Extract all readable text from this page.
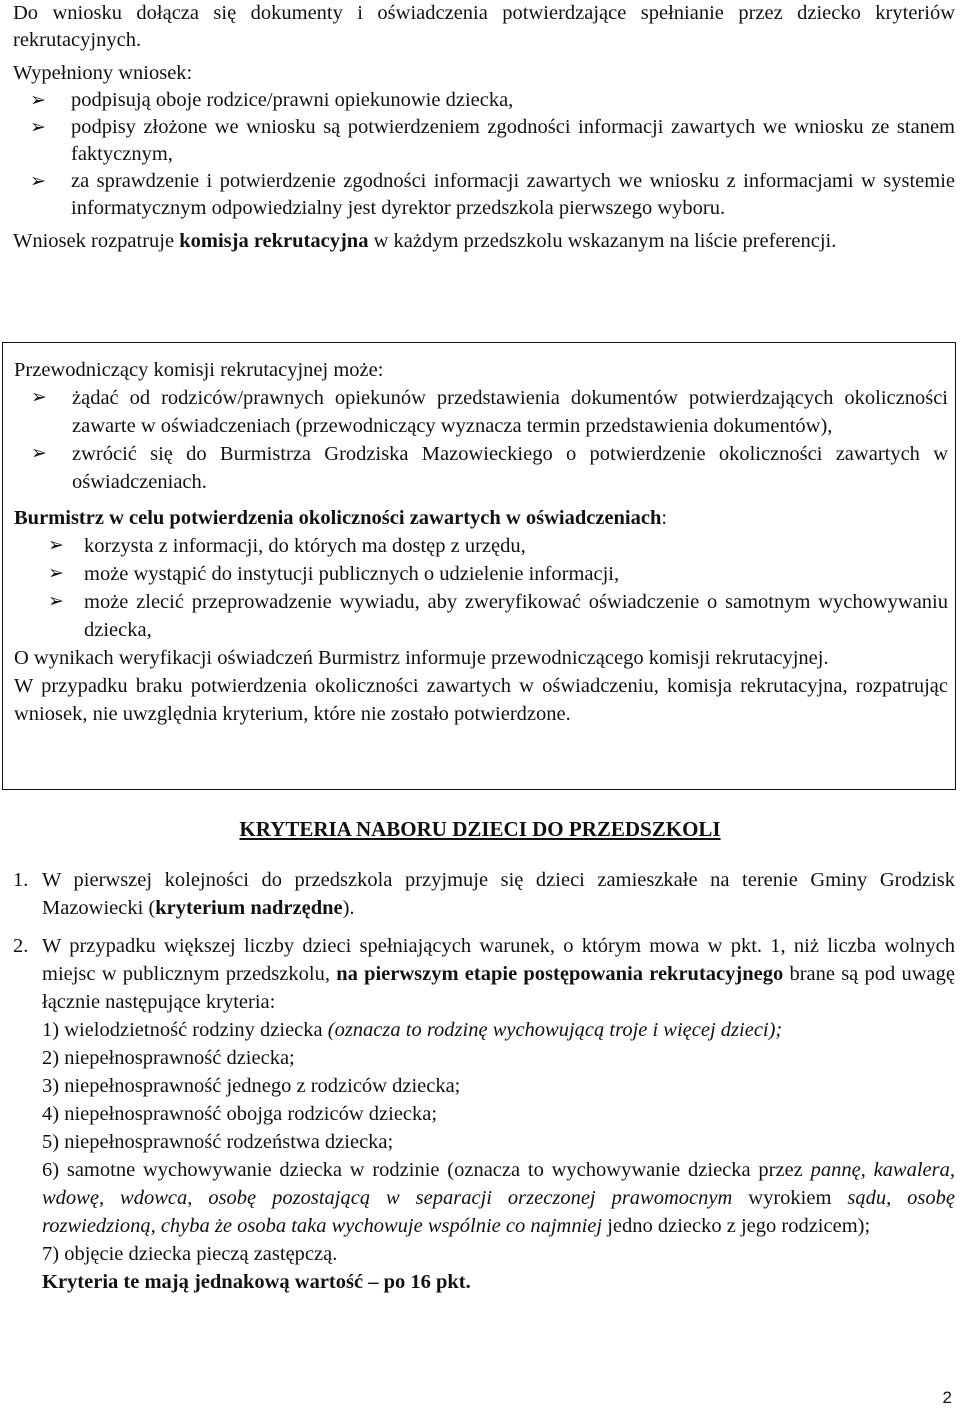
Do wniosku dołącza się dokumenty i oświadczenia potwierdzające spełnianie przez dziecko kryteriów rekrutacyjnych.

Wypełniony wniosek:

➢ podpisują oboje rodzice/prawni opiekunowie dziecka,
➢ podpisy złożone we wniosku są potwierdzeniem zgodności informacji zawartych we wniosku ze stanem faktycznym,
➢ za sprawdzenie i potwierdzenie zgodności informacji zawartych we wniosku z informacjami w systemie informatycznym odpowiedzialny jest dyrektor przedszkola pierwszego wyboru.

Wniosek rozpatruje komisja rekrutacyjna w każdym przedszkolu wskazanym na liście preferencji.

Przewodniczący komisji rekrutacyjnej może:

➢ żądać od rodziców/prawnych opiekunów przedstawienia dokumentów potwierdzających okoliczności zawarte w oświadczeniach (przewodniczący wyznacza termin przedstawienia dokumentów),
➢ zwrócić się do Burmistrza Grodziska Mazowieckiego o potwierdzenie okoliczności zawartych w oświadczeniach.

Burmistrz w celu potwierdzenia okoliczności zawartych w oświadczeniach:

➢ korzysta z informacji, do których ma dostęp z urzędu,
➢ może wystąpić do instytucji publicznych o udzielenie informacji,
➢ może zlecić przeprowadzenie wywiadu, aby zweryfikować oświadczenie o samotnym wychowywaniu dziecka,

O wynikach weryfikacji oświadczeń Burmistrz informuje przewodniczącego komisji rekrutacyjnej.

W przypadku braku potwierdzenia okoliczności zawartych w oświadczeniu, komisja rekrutacyjna, rozpatrując wniosek, nie uwzględnia kryterium, które nie zostało potwierdzone.

KRYTERIA NABORU DZIECI DO PRZEDSZKOLI
1. W pierwszej kolejności do przedszkola przyjmuje się dzieci zamieszkałe na terenie Gminy Grodzisk Mazowiecki (kryterium nadrzędne).

2. W przypadku większej liczby dzieci spełniających warunek, o którym mowa w pkt. 1, niż liczba wolnych miejsc w publicznym przedszkolu, na pierwszym etapie postępowania rekrutacyjnego brane są pod uwagę łącznie następujące kryteria:

1) wielodzietność rodziny dziecka (oznacza to rodzinę wychowującą troje i więcej dzieci);

2) niepełnosprawność dziecka;

3) niepełnosprawność jednego z rodziców dziecka;

4) niepełnosprawność obojga rodziców dziecka;

5) niepełnosprawność rodzeństwa dziecka;

6) samotne wychowywanie dziecka w rodzinie (oznacza to wychowywanie dziecka przez pannę, kawalera, wdowę, wdowca, osobę pozostającą w separacji orzeczonej prawomocnym wyrokiem sądu, osobę rozwiedzioną, chyba że osoba taka wychowuje wspólnie co najmniej jedno dziecko z jego rodzicem);

7) objęcie dziecka pieczą zastępczą.

Kryteria te mają jednakową wartość – po 16 pkt.

2
